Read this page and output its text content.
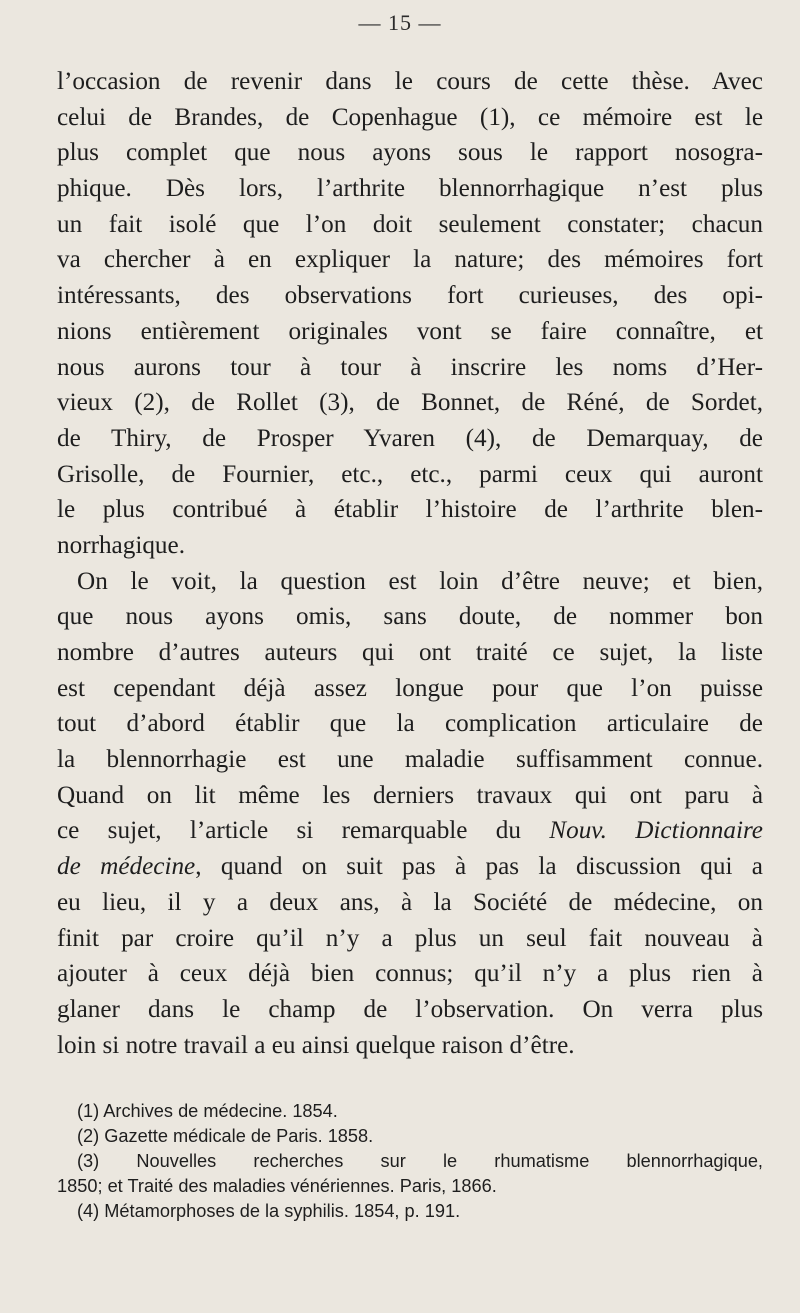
— 15 —
l’occasion de revenir dans le cours de cette thèse. Avec
celui de Brandes, de Copenhague (1), ce mémoire est le
plus complet que nous ayons sous le rapport nosogra-
phique. Dès lors, l’arthrite blennorrhagique n’est plus
un fait isolé que l’on doit seulement constater; chacun
va chercher à en expliquer la nature; des mémoires fort
intéressants, des observations fort curieuses, des opi-
nions entièrement originales vont se faire connaître, et
nous aurons tour à tour à inscrire les noms d’Her-
vieux (2), de Rollet (3), de Bonnet, de Réné, de Sordet,
de Thiry, de Prosper Yvaren (4), de Demarquay, de
Grisolle, de Fournier, etc., etc., parmi ceux qui auront
le plus contribué à établir l’histoire de l’arthrite blen-
norrhagique.
On le voit, la question est loin d’être neuve; et bien,
que nous ayons omis, sans doute, de nommer bon
nombre d’autres auteurs qui ont traité ce sujet, la liste
est cependant déjà assez longue pour que l’on puisse
tout d’abord établir que la complication articulaire de
la blennorrhagie est une maladie suffisamment connue.
Quand on lit même les derniers travaux qui ont paru à
ce sujet, l’article si remarquable du Nouv. Dictionnaire
de médecine, quand on suit pas à pas la discussion qui a
eu lieu, il y a deux ans, à la Société de médecine, on
finit par croire qu’il n’y a plus un seul fait nouveau à
ajouter à ceux déjà bien connus; qu’il n’y a plus rien à
glaner dans le champ de l’observation. On verra plus
loin si notre travail a eu ainsi quelque raison d’être.
(1) Archives de médecine. 1854.
(2) Gazette médicale de Paris. 1858.
(3) Nouvelles recherches sur le rhumatisme blennorrhagique,
1850; et Traité des maladies vénériennes. Paris, 1866.
(4) Métamorphoses de la syphilis. 1854, p. 191.
